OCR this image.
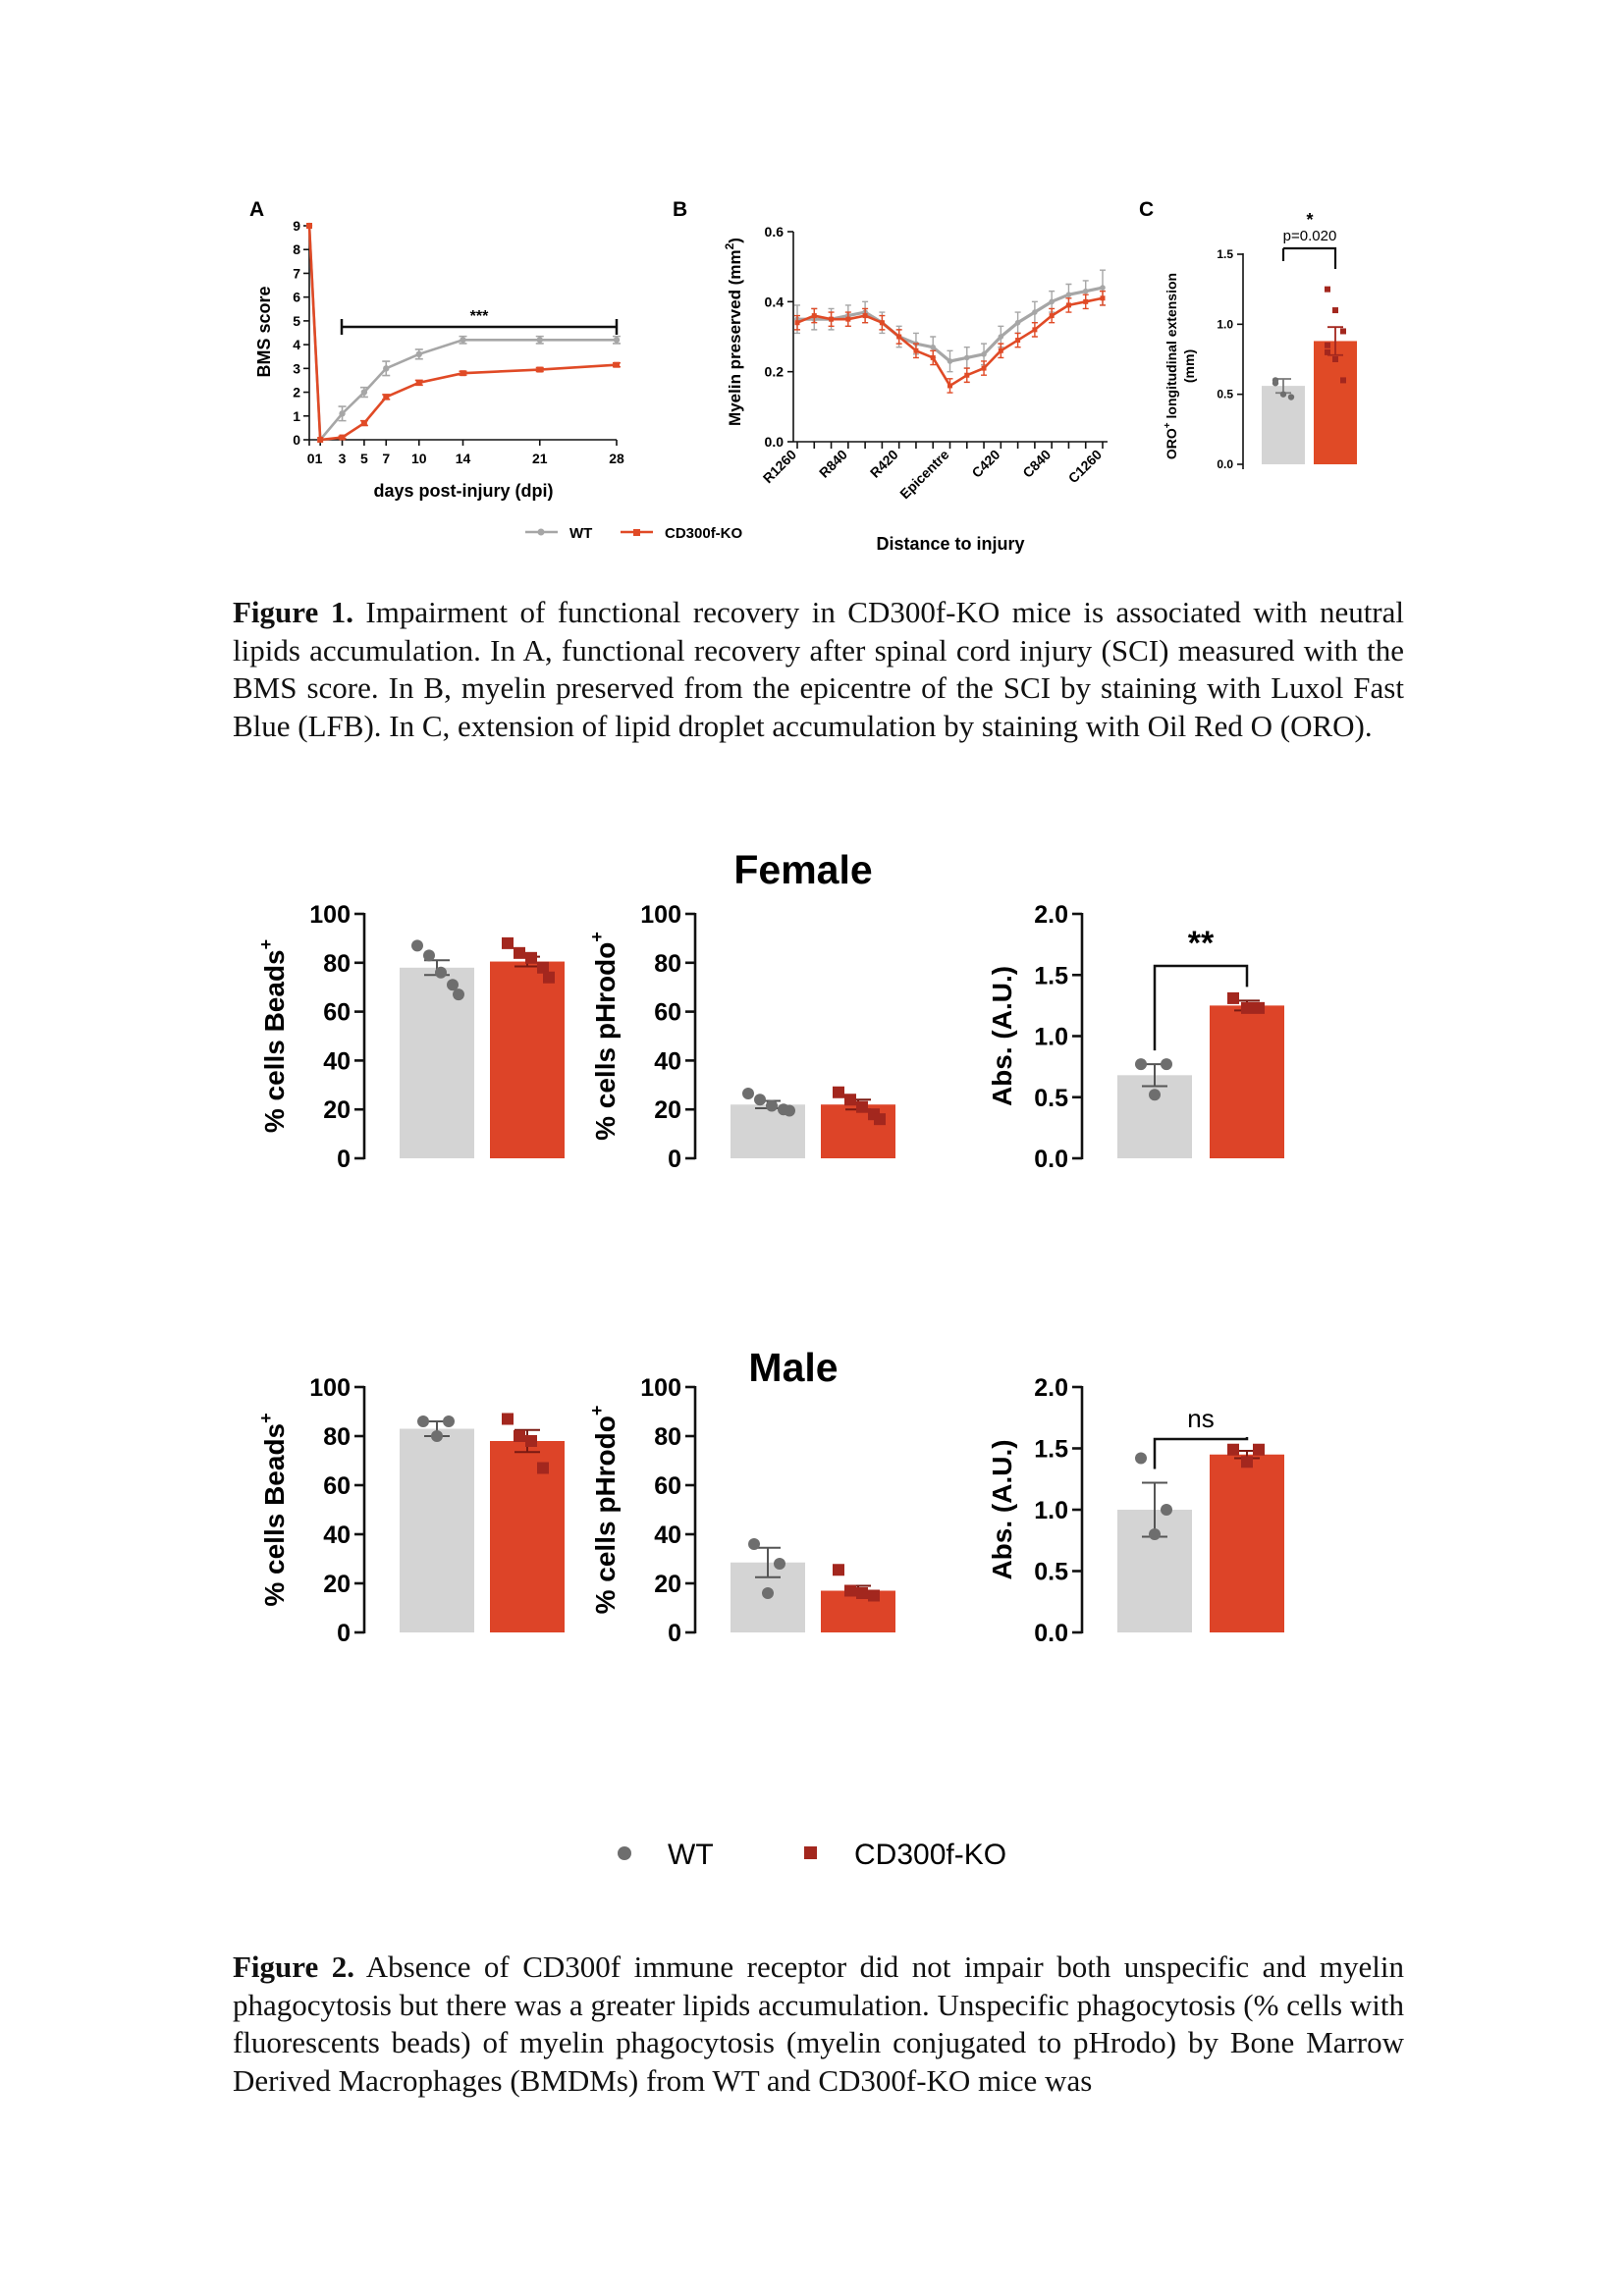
A
BMS score
0
1
2
3
4
5
6
7
8
9
01 3 5 7 10 14	21	28
***
days post-injury (dpi)
B
Myelin preserved $(mm^2)$
0.0
0.2
0.4
0.6
R1260 R840 R420
Epicentre C420 C840 C1260
Distance to injury
C
ORO+ longitudinal extension (mm)
0.0
0.5
1.0
1.5
*
p=0.020
WT	CD300f-KO

Figure 1. Impairment of functional recovery in CD300f-KO mice is associated with neutral lipids accumulation. In A, functional recovery after spinal cord injury (SCI) measured with the BMS score. In B, myelin preserved from the epicentre of the SCI by staining with Luxol Fast Blue (LFB). In C, extension of lipid droplet accumulation by staining with Oil Red O (ORO).

Female
Male
0
20
40
60
80
100
% cells Beads+
0
20
40
60
80
100
% cells pHrodo+
0.0
0.5
1.0
1.5
2.0
Abs. (A.U.)
**
0
20
40
60
80
100
% cells Beads+
0
20
40
60
80
100
% cells pHrodo+
0.0
0.5
1.0
1.5
2.0
Abs. (A.U.)
ns
WT	CD300f-KO

Figure 2. Absence of CD300f immune receptor did not impair both unspecific and myelin phagocytosis but there was a greater lipids accumulation. Unspecific phagocytosis (% cells with fluorescents beads) of myelin phagocytosis (myelin conjugated to pHrodo) by Bone Marrow Derived Macrophages (BMDMs) from WT and CD300f-KO mice was
